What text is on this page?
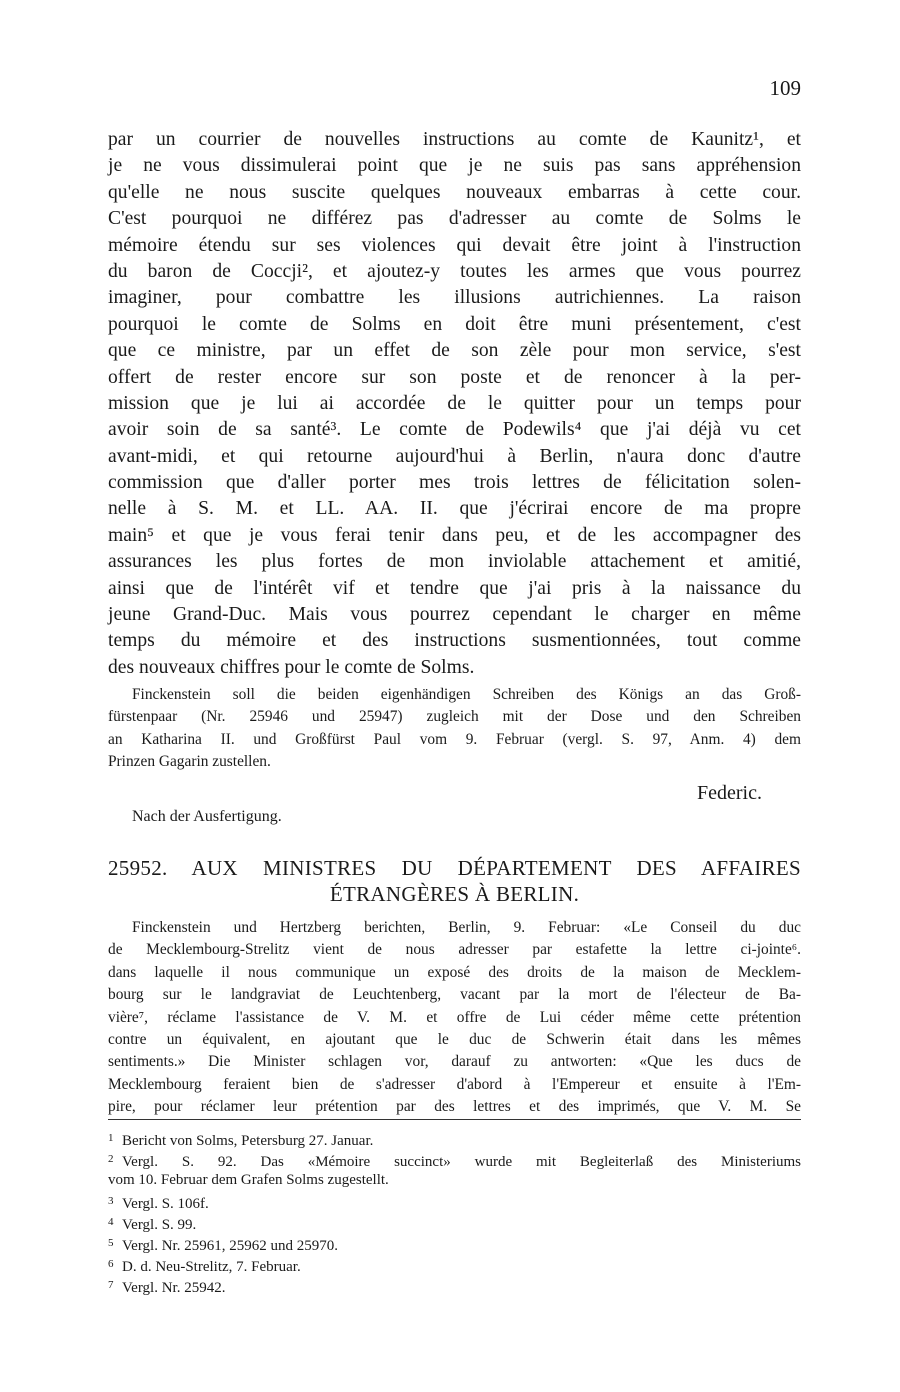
109
par un courrier de nouvelles instructions au comte de Kaunitz¹, et
je ne vous dissimulerai point que je ne suis pas sans appréhension
qu'elle ne nous suscite quelques nouveaux embarras à cette cour.
C'est pourquoi ne différez pas d'adresser au comte de Solms le
mémoire étendu sur ses violences qui devait être joint à l'instruction
du baron de Coccji², et ajoutez-y toutes les armes que vous pourrez
imaginer, pour combattre les illusions autrichiennes. La raison
pourquoi le comte de Solms en doit être muni présentement, c'est
que ce ministre, par un effet de son zèle pour mon service, s'est
offert de rester encore sur son poste et de renoncer à la per-
mission que je lui ai accordée de le quitter pour un temps pour
avoir soin de sa santé³. Le comte de Podewils⁴ que j'ai déjà vu cet
avant-midi, et qui retourne aujourd'hui à Berlin, n'aura donc d'autre
commission que d'aller porter mes trois lettres de félicitation solen-
nelle à S. M. et LL. AA. II. que j'écrirai encore de ma propre
main⁵ et que je vous ferai tenir dans peu, et de les accompagner des
assurances les plus fortes de mon inviolable attachement et amitié,
ainsi que de l'intérêt vif et tendre que j'ai pris à la naissance du
jeune Grand-Duc. Mais vous pourrez cependant le charger en même
temps du mémoire et des instructions susmentionnées, tout comme
des nouveaux chiffres pour le comte de Solms.
Finckenstein soll die beiden eigenhändigen Schreiben des Königs an das Groß-
fürstenpaar (Nr. 25946 und 25947) zugleich mit der Dose und den Schreiben
an Katharina II. und Großfürst Paul vom 9. Februar (vergl. S. 97, Anm. 4) dem
Prinzen Gagarin zustellen.
Federic.
Nach der Ausfertigung.
25952. AUX MINISTRES DU DÉPARTEMENT DES AFFAIRES
ÉTRANGÈRES À BERLIN.
Finckenstein und Hertzberg berichten, Berlin, 9. Februar: «Le Conseil du duc
de Mecklembourg-Strelitz vient de nous adresser par estafette la lettre ci-jointe⁶.
dans laquelle il nous communique un exposé des droits de la maison de Mecklem-
bourg sur le landgraviat de Leuchtenberg, vacant par la mort de l'électeur de Ba-
vière⁷, réclame l'assistance de V. M. et offre de Lui céder même cette prétention
contre un équivalent, en ajoutant que le duc de Schwerin était dans les mêmes
sentiments.» Die Minister schlagen vor, darauf zu antworten: «Que les ducs de
Mecklembourg feraient bien de s'adresser d'abord à l'Empereur et ensuite à l'Em-
pire, pour réclamer leur prétention par des lettres et des imprimés, que V. M. Se
1 Bericht von Solms, Petersburg 27. Januar.
2 Vergl. S. 92. Das «Mémoire succinct» wurde mit Begleiterlaß des Ministeriums
vom 10. Februar dem Grafen Solms zugestellt.
3 Vergl. S. 106f.
4 Vergl. S. 99.
5 Vergl. Nr. 25961, 25962 und 25970.
6 D. d. Neu-Strelitz, 7. Februar.
7 Vergl. Nr. 25942.
